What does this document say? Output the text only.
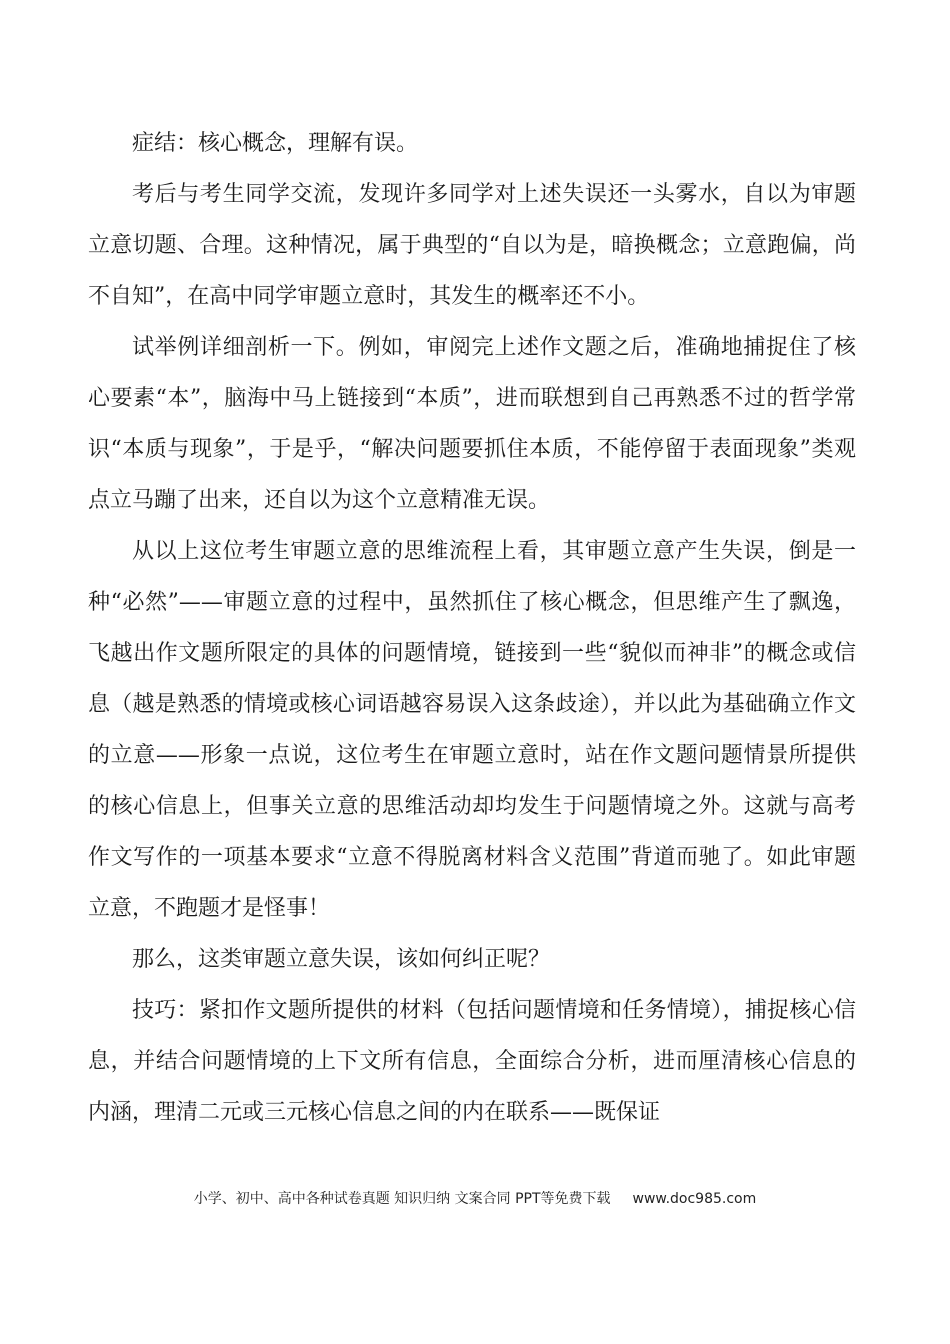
症结：核心概念，理解有误。

考后与考生同学交流，发现许多同学对上述失误还一头雾水，自以为审题立意切题、合理。这种情况，属于典型的“自以为是，暗换概念；立意跑偏，尚不自知”，在高中同学审题立意时，其发生的概率还不小。

试举例详细剖析一下。例如，审阅完上述作文题之后，准确地捕捉住了核心要素“本”，脑海中马上链接到“本质”，进而联想到自己再熟悉不过的哲学常识“本质与现象”，于是乎，“解决问题要抓住本质，不能停留于表面现象”类观点立马蹦了出来，还自以为这个立意精准无误。

从以上这位考生审题立意的思维流程上看，其审题立意产生失误，倒是一种“必然”——审题立意的过程中，虽然抓住了核心概念，但思维产生了飘逸，飞越出作文题所限定的具体的问题情境，链接到一些“貌似而神非”的概念或信息（越是熟悉的情境或核心词语越容易误入这条歧途），并以此为基础确立作文的立意——形象一点说，这位考生在审题立意时，站在作文题问题情景所提供的核心信息上，但事关立意的思维活动却均发生于问题情境之外。这就与高考作文写作的一项基本要求“立意不得脱离材料含义范围”背道而驰了。如此审题立意，不跑题才是怪事！

那么，这类审题立意失误，该如何纠正呢？

技巧：紧扣作文题所提供的材料（包括问题情境和任务情境），捕捉核心信息，并结合问题情境的上下文所有信息，全面综合分析，进而厘清核心信息的内涵，理清二元或三元核心信息之间的内在联系——既保证

小学、初中、高中各种试卷真题 知识归纳 文案合同 PPT等免费下载 www.doc985.com
